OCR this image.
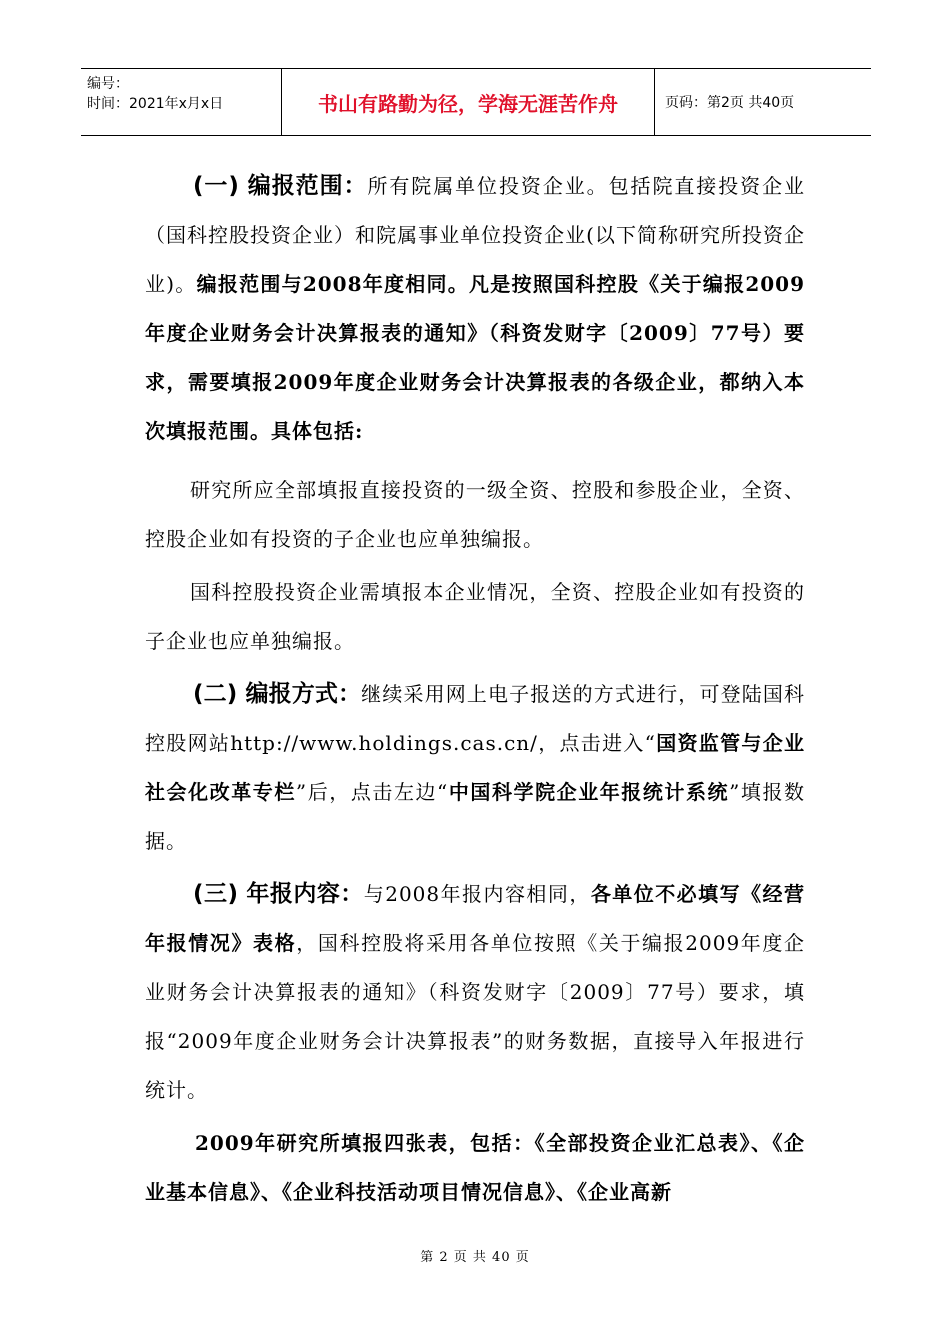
编号：
时间：2021年x月x日	书山有路勤为径，学海无涯苦作舟	页码：第2页 共40页

(一) 编报范围：所有院属单位投资企业。包括院直接投资企业（国科控股投资企业）和院属事业单位投资企业(以下简称研究所投资企业)。编报范围与2008年度相同。凡是按照国科控股《关于编报2009年度企业财务会计决算报表的通知》（科资发财字〔2009〕77号）要求，需要填报2009年度企业财务会计决算报表的各级企业，都纳入本次填报范围。具体包括:

研究所应全部填报直接投资的一级全资、控股和参股企业，全资、控股企业如有投资的子企业也应单独编报。

国科控股投资企业需填报本企业情况，全资、控股企业如有投资的子企业也应单独编报。

(二) 编报方式：继续采用网上电子报送的方式进行，可登陆国科控股网站http://www.holdings.cas.cn/，点击进入“国资监管与企业社会化改革专栏”后，点击左边“中国科学院企业年报统计系统”填报数据。

(三) 年报内容：与2008年报内容相同，各单位不必填写《经营年报情况》表格，国科控股将采用各单位按照《关于编报2009年度企业财务会计决算报表的通知》（科资发财字〔2009〕77号）要求，填报“2009年度企业财务会计决算报表”的财务数据，直接导入年报进行统计。

2009年研究所填报四张表，包括：《全部投资企业汇总表》、《企业基本信息》、《企业科技活动项目情况信息》、《企业高新

第 2 页 共 40 页
